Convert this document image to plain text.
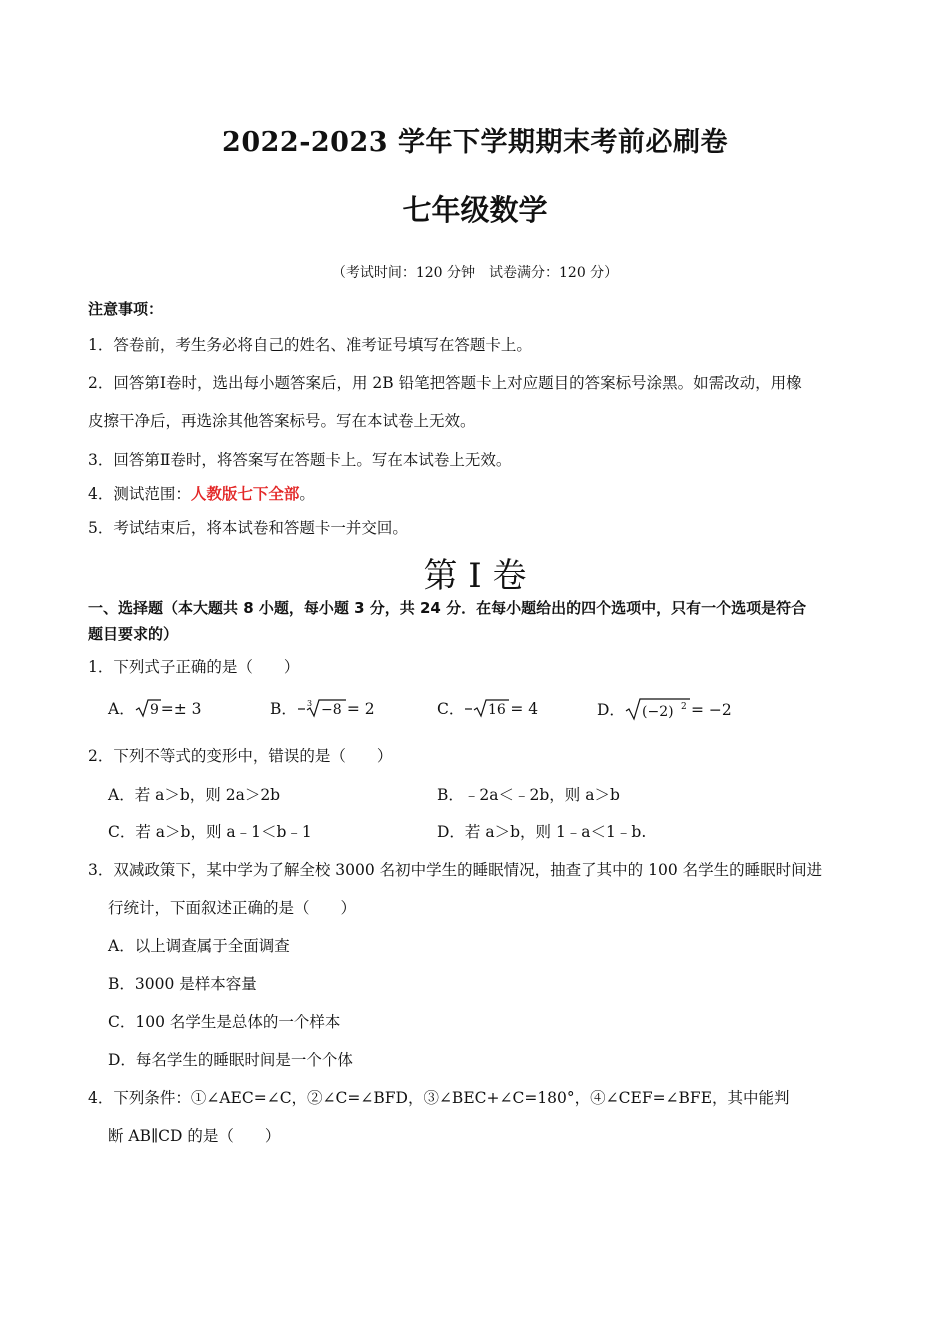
2022-2023 学年下学期期末考前必刷卷
七年级数学
（考试时间：120 分钟　试卷满分：120 分）
注意事项：
1．答卷前，考生务必将自己的姓名、准考证号填写在答题卡上。
2．回答第Ⅰ卷时，选出每小题答案后，用 2B 铅笔把答题卡上对应题目的答案标号涂黑。如需改动，用橡
皮擦干净后，再选涂其他答案标号。写在本试卷上无效。
3．回答第Ⅱ卷时，将答案写在答题卡上。写在本试卷上无效。
4．测试范围：人教版七下全部。
5．考试结束后，将本试卷和答题卡一并交回。
第 I 卷
一、选择题（本大题共 8 小题，每小题 3 分，共 24 分．在每小题给出的四个选项中，只有一个选项是符合
题目要求的）
1．下列式子正确的是（　　）
A． 9 =± 3	B． 3 −8 = 2	C． 16 = 4	D． (−2) 2 = −2
2．下列不等式的变形中，错误的是（　　）
A．若 a＞b，则 2a＞2b	B．﹣2a＜﹣2b，则 a＞b
C．若 a＞b，则 a﹣1＜b﹣1	D．若 a＞b，则 1﹣a＜1﹣b.
3．双减政策下，某中学为了解全校 3000 名初中学生的睡眠情况，抽查了其中的 100 名学生的睡眠时间进
行统计，下面叙述正确的是（　　）
A．以上调查属于全面调查
B．3000 是样本容量
C．100 名学生是总体的一个样本
D．每名学生的睡眠时间是一个个体
4．下列条件：①∠AEC=∠C，②∠C=∠BFD，③∠BEC+∠C=180°，④∠CEF=∠BFE，其中能判
断 AB∥CD 的是（　　）
